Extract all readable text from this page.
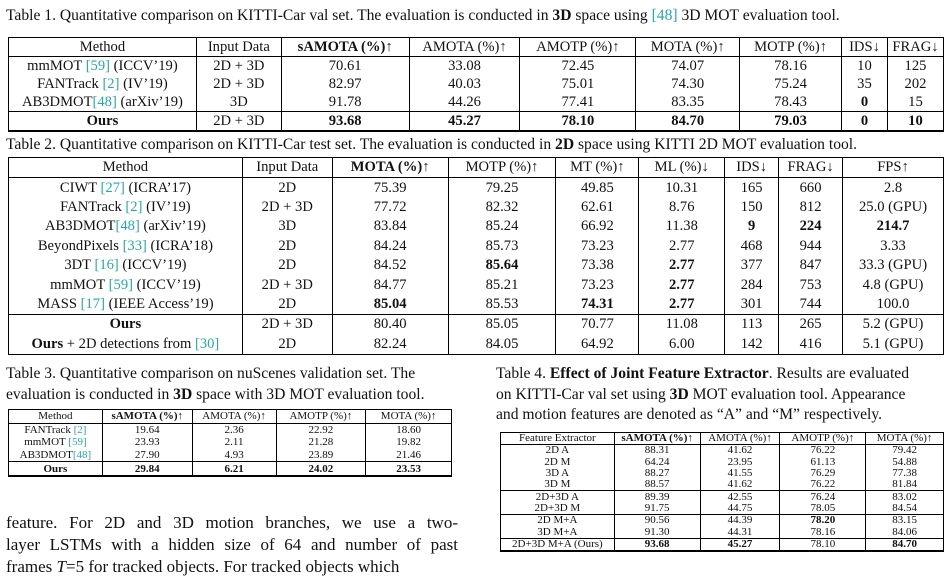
Table 1. Quantitative comparison on KITTI-Car val set. The evaluation is conducted in 3D space using [48] 3D MOT evaluation tool.
Method	Input Data	sAMOTA (%)↑	AMOTA (%)↑	AMOTP (%)↑	MOTA (%)↑	MOTP (%)↑	IDS↓	FRAG↓
mmMOT [59] (ICCV’19)	2D + 3D	70.61	33.08	72.45	74.07	78.16	10	125
FANTrack [2] (IV’19)	2D + 3D	82.97	40.03	75.01	74.30	75.24	35	202
AB3DMOT[48] (arXiv’19)	3D	91.78	44.26	77.41	83.35	78.43	0	15
Ours	2D + 3D	93.68	45.27	78.10	84.70	79.03	0	10
Table 2. Quantitative comparison on KITTI-Car test set. The evaluation is conducted in 2D space using KITTI 2D MOT evaluation tool.
Method	Input Data	MOTA (%)↑	MOTP (%)↑	MT (%)↑	ML (%)↓	IDS↓	FRAG↓	FPS↑
CIWT [27] (ICRA’17)	2D	75.39	79.25	49.85	10.31	165	660	2.8
FANTrack [2] (IV’19)	2D + 3D	77.72	82.32	62.61	8.76	150	812	25.0 (GPU)
AB3DMOT[48] (arXiv’19)	3D	83.84	85.24	66.92	11.38	9	224	214.7
BeyondPixels [33] (ICRA’18)	2D	84.24	85.73	73.23	2.77	468	944	3.33
3DT [16] (ICCV’19)	2D	84.52	85.64	73.38	2.77	377	847	33.3 (GPU)
mmMOT [59] (ICCV’19)	2D + 3D	84.77	85.21	73.23	2.77	284	753	4.8 (GPU)
MASS [17] (IEEE Access’19)	2D	85.04	85.53	74.31	2.77	301	744	100.0
Ours	2D + 3D	80.40	85.05	70.77	11.08	113	265	5.2 (GPU)
Ours + 2D detections from [30]	2D	82.24	84.05	64.92	6.00	142	416	5.1 (GPU)
Table 3. Quantitative comparison on nuScenes validation set. The
evaluation is conducted in 3D space with 3D MOT evaluation tool.
Method	sAMOTA (%)↑	AMOTA (%)↑	AMOTP (%)↑	MOTA (%)↑
FANTrack [2]	19.64	2.36	22.92	18.60
mmMOT [59]	23.93	2.11	21.28	19.82
AB3DMOT[48]	27.90	4.93	23.89	21.46
Ours	29.84	6.21	24.02	23.53
feature. For 2D and 3D motion branches, we use a two-
layer LSTMs with a hidden size of 64 and number of past
frames T=5 for tracked objects. For tracked objects which
Table 4. Effect of Joint Feature Extractor. Results are evaluated
on KITTI-Car val set using 3D MOT evaluation tool. Appearance
and motion features are denoted as “A” and “M” respectively.
Feature Extractor	sAMOTA (%)↑	AMOTA (%)↑	AMOTP (%)↑	MOTA (%)↑
2D A	88.31	41.62	76.22	79.42
2D M	64.24	23.95	61.13	54.88
3D A	88.27	41.55	76.29	77.38
3D M	88.57	41.62	76.22	81.84
2D+3D A	89.39	42.55	76.24	83.02
2D+3D M	91.75	44.75	78.05	84.54
2D M+A	90.56	44.39	78.20	83.15
3D M+A	91.30	44.31	78.16	84.06
2D+3D M+A (Ours)	93.68	45.27	78.10	84.70
